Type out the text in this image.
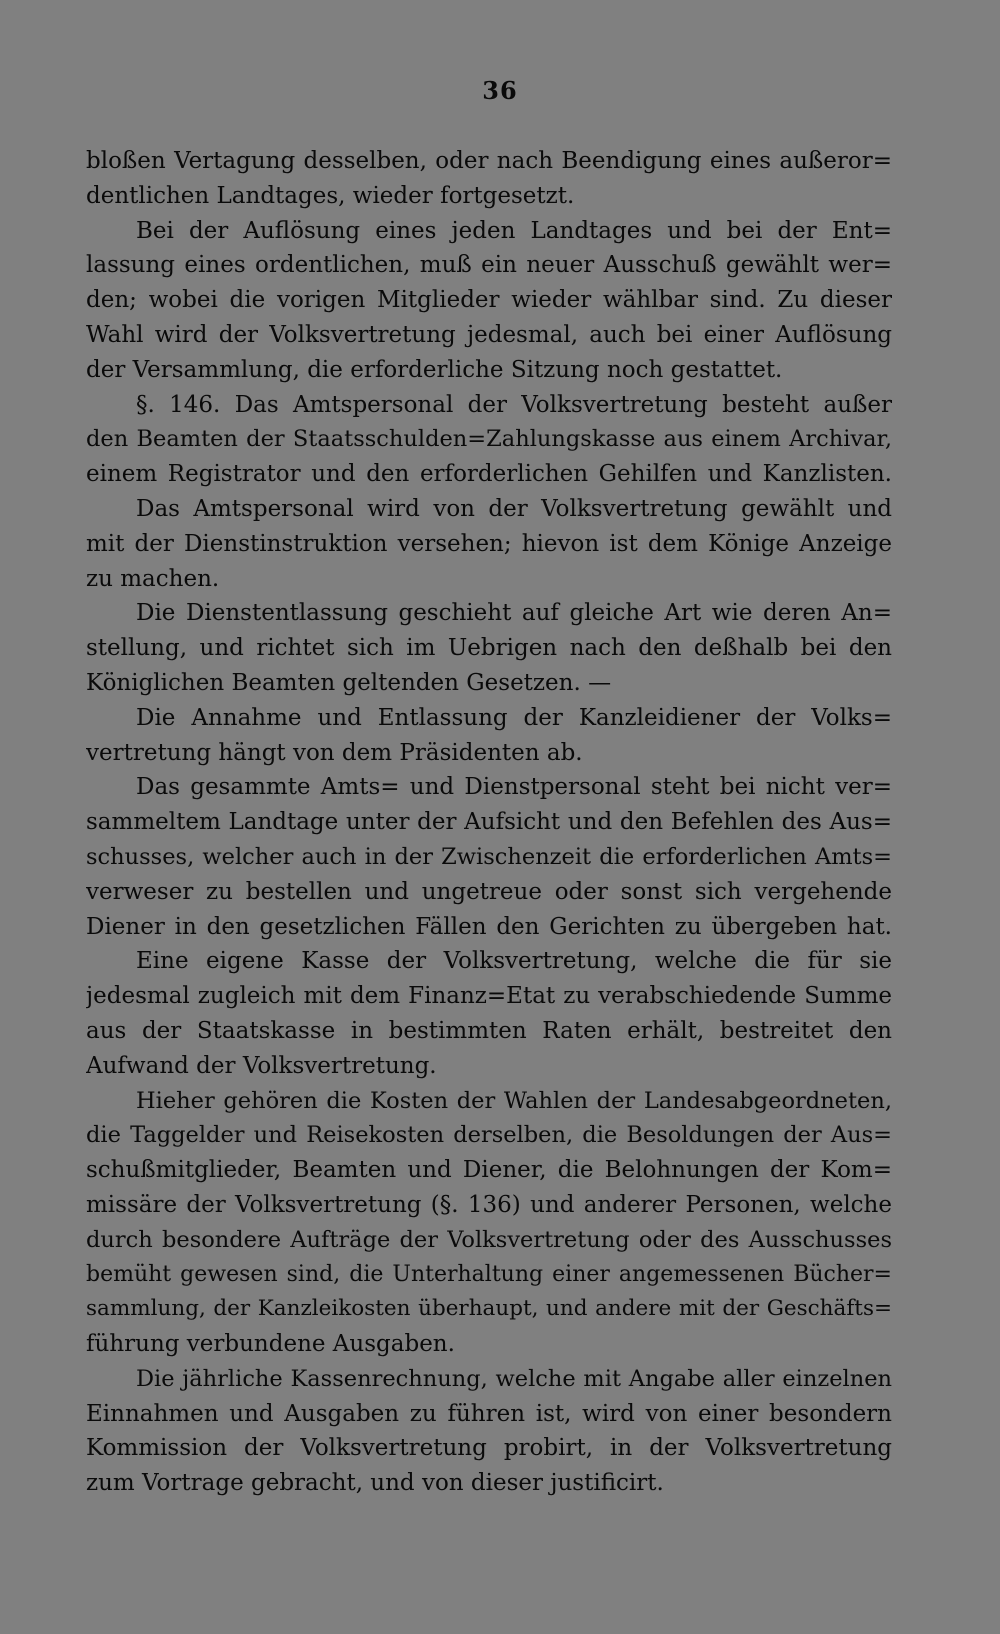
36
bloßen Vertagung desselben, oder nach Beendigung eines außeror=
dentlichen Landtages, wieder fortgesetzt.
Bei der Auflösung eines jeden Landtages und bei der Ent=
lassung eines ordentlichen, muß ein neuer Ausschuß gewählt wer=
den; wobei die vorigen Mitglieder wieder wählbar sind. Zu dieser
Wahl wird der Volksvertretung jedesmal, auch bei einer Auflösung
der Versammlung, die erforderliche Sitzung noch gestattet.
§. 146. Das Amtspersonal der Volksvertretung besteht außer
den Beamten der Staatsschulden=Zahlungskasse aus einem Archivar,
einem Registrator und den erforderlichen Gehilfen und Kanzlisten.
Das Amtspersonal wird von der Volksvertretung gewählt und
mit der Dienstinstruktion versehen; hievon ist dem Könige Anzeige
zu machen.
Die Dienstentlassung geschieht auf gleiche Art wie deren An=
stellung, und richtet sich im Uebrigen nach den deßhalb bei den
Königlichen Beamten geltenden Gesetzen. —
Die Annahme und Entlassung der Kanzleidiener der Volks=
vertretung hängt von dem Präsidenten ab.
Das gesammte Amts= und Dienstpersonal steht bei nicht ver=
sammeltem Landtage unter der Aufsicht und den Befehlen des Aus=
schusses, welcher auch in der Zwischenzeit die erforderlichen Amts=
verweser zu bestellen und ungetreue oder sonst sich vergehende
Diener in den gesetzlichen Fällen den Gerichten zu übergeben hat.
Eine eigene Kasse der Volksvertretung, welche die für sie
jedesmal zugleich mit dem Finanz=Etat zu verabschiedende Summe
aus der Staatskasse in bestimmten Raten erhält, bestreitet den
Aufwand der Volksvertretung.
Hieher gehören die Kosten der Wahlen der Landesabgeordneten,
die Taggelder und Reisekosten derselben, die Besoldungen der Aus=
schußmitglieder, Beamten und Diener, die Belohnungen der Kom=
missäre der Volksvertretung (§. 136) und anderer Personen, welche
durch besondere Aufträge der Volksvertretung oder des Ausschusses
bemüht gewesen sind, die Unterhaltung einer angemessenen Bücher=
sammlung, der Kanzleikosten überhaupt, und andere mit der Geschäfts=
führung verbundene Ausgaben.
Die jährliche Kassenrechnung, welche mit Angabe aller einzelnen
Einnahmen und Ausgaben zu führen ist, wird von einer besondern
Kommission der Volksvertretung probirt, in der Volksvertretung
zum Vortrage gebracht, und von dieser justificirt.
